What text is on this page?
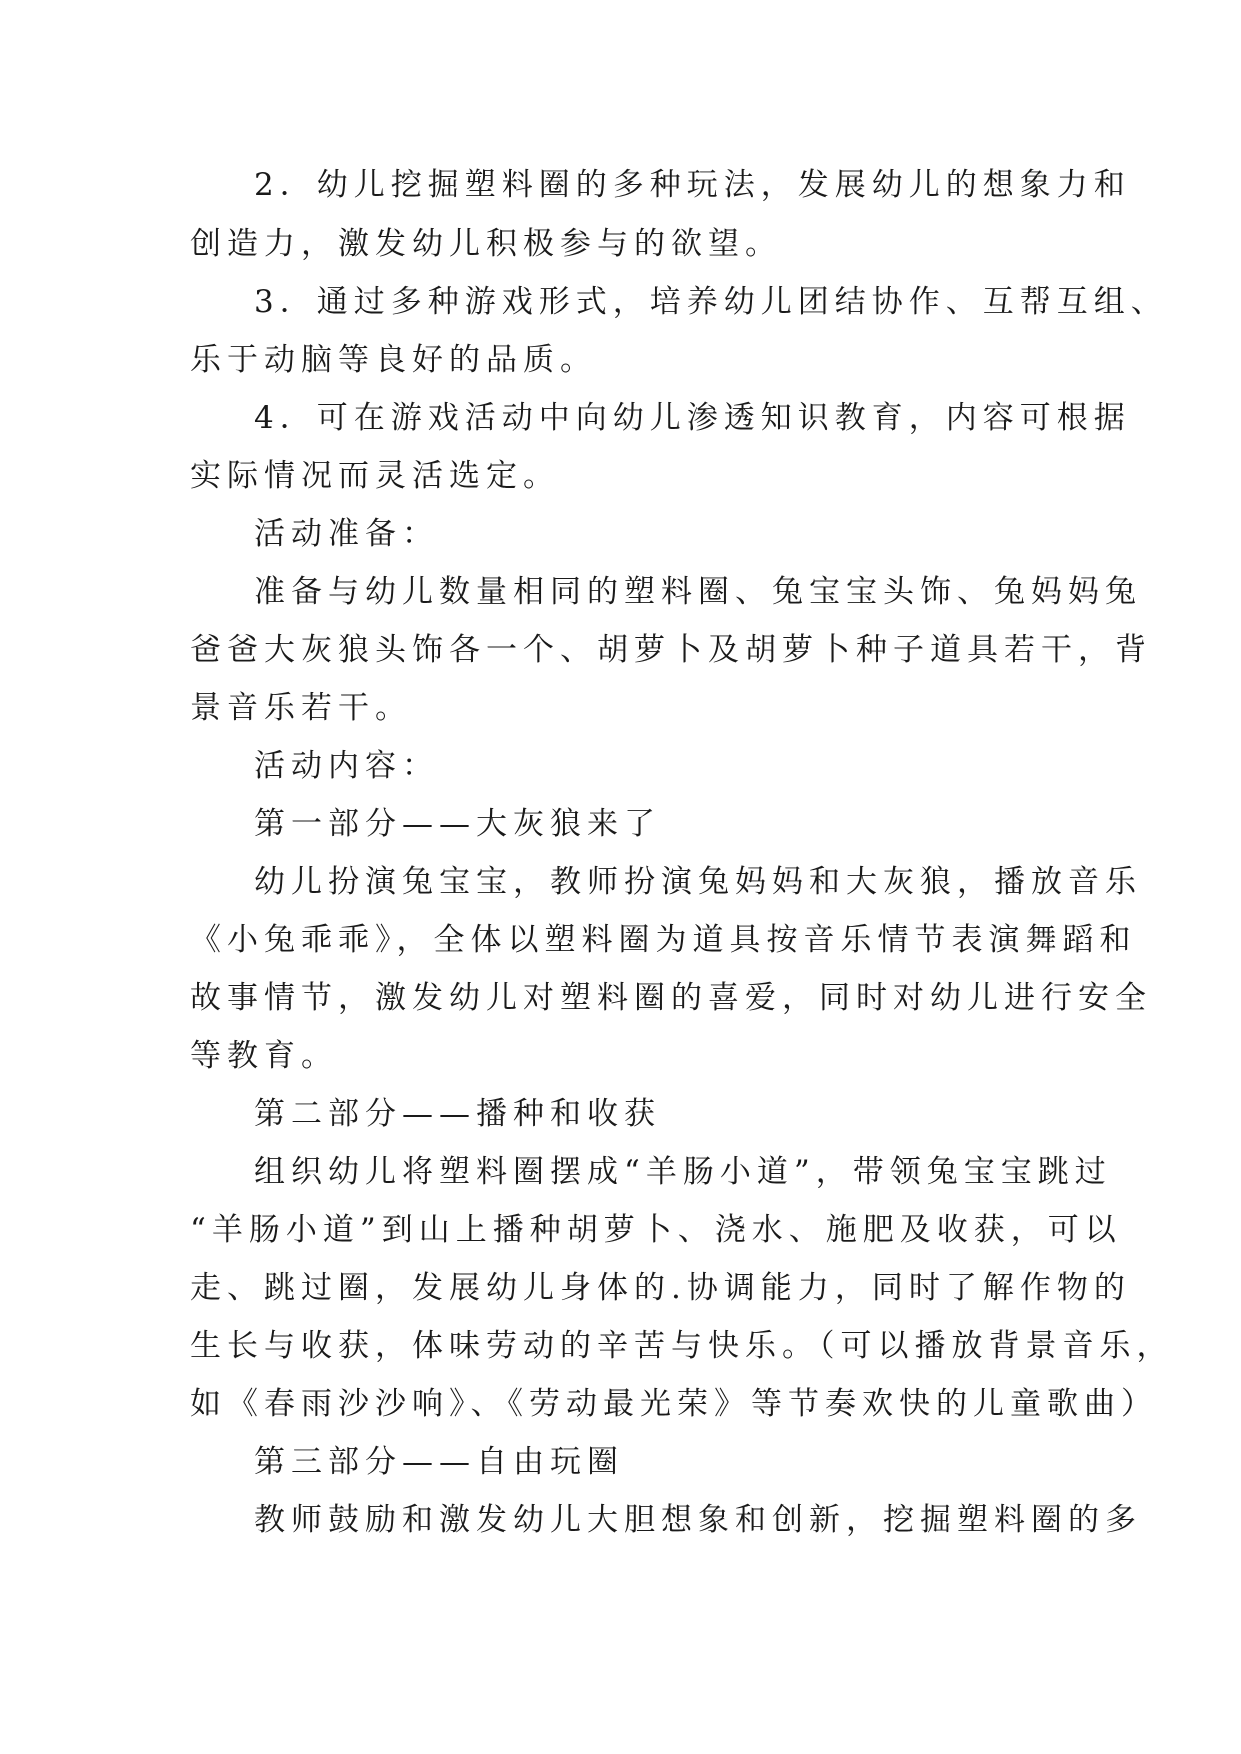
2．幼儿挖掘塑料圈的多种玩法，发展幼儿的想象力和
创造力，激发幼儿积极参与的欲望。
3．通过多种游戏形式，培养幼儿团结协作、互帮互组、
乐于动脑等良好的品质。
4．可在游戏活动中向幼儿渗透知识教育，内容可根据
实际情况而灵活选定。
活动准备：
准备与幼儿数量相同的塑料圈、兔宝宝头饰、兔妈妈兔
爸爸大灰狼头饰各一个、胡萝卜及胡萝卜种子道具若干，背
景音乐若干。
活动内容：
第一部分——大灰狼来了
幼儿扮演兔宝宝，教师扮演兔妈妈和大灰狼，播放音乐
《小兔乖乖》，全体以塑料圈为道具按音乐情节表演舞蹈和
故事情节，激发幼儿对塑料圈的喜爱，同时对幼儿进行安全
等教育。
第二部分——播种和收获
组织幼儿将塑料圈摆成“羊肠小道”，带领兔宝宝跳过
“羊肠小道”到山上播种胡萝卜、浇水、施肥及收获，可以
走、跳过圈，发展幼儿身体的.协调能力，同时了解作物的
生长与收获，体味劳动的辛苦与快乐。（可以播放背景音乐，
如《春雨沙沙响》、《劳动最光荣》等节奏欢快的儿童歌曲）
第三部分——自由玩圈
教师鼓励和激发幼儿大胆想象和创新，挖掘塑料圈的多
